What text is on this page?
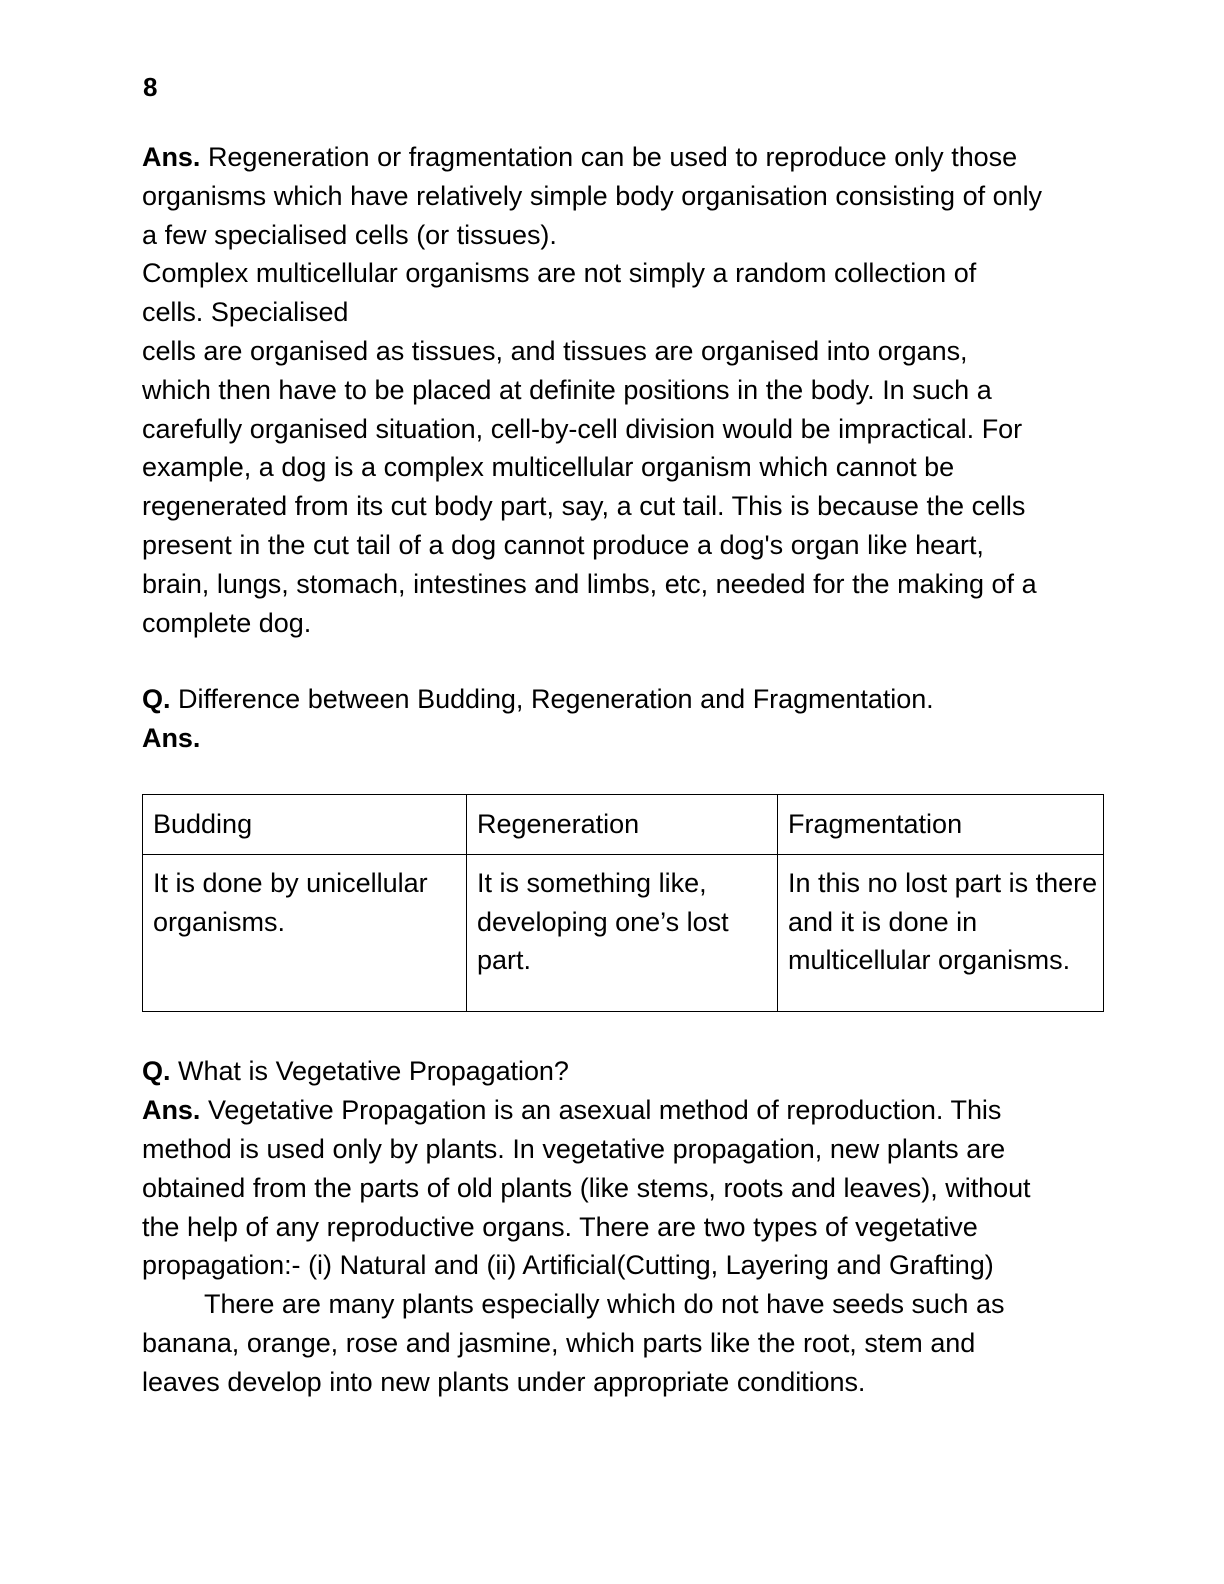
8
Ans. Regeneration or fragmentation can be used to reproduce only those
organisms which have relatively simple body organisation consisting of only
a few specialised cells (or tissues).
Complex multicellular organisms are not simply a random collection of
cells. Specialised
cells are organised as tissues, and tissues are organised into organs,
which then have to be placed at definite positions in the body. In such a
carefully organised situation, cell-by-cell division would be impractical. For
example, a dog is a complex multicellular organism which cannot be
regenerated from its cut body part, say, a cut tail. This is because the cells
present in the cut tail of a dog cannot produce a dog's organ like heart,
brain, lungs, stomach, intestines and limbs, etc, needed for the making of a
complete dog.
Q. Difference between Budding, Regeneration and Fragmentation.
Ans.
Budding	Regeneration	Fragmentation
It is done by unicellular organisms.	It is something like, developing one’s lost part.	In this no lost part is there and it is done in multicellular organisms.
Q. What is Vegetative Propagation?
Ans. Vegetative Propagation is an asexual method of reproduction. This
method is used only by plants. In vegetative propagation, new plants are
obtained from the parts of old plants (like stems, roots and leaves), without
the help of any reproductive organs. There are two types of vegetative
propagation:- (i) Natural and (ii) Artificial(Cutting, Layering and Grafting)
There are many plants especially which do not have seeds such as
banana, orange, rose and jasmine, which parts like the root, stem and
leaves develop into new plants under appropriate conditions.
